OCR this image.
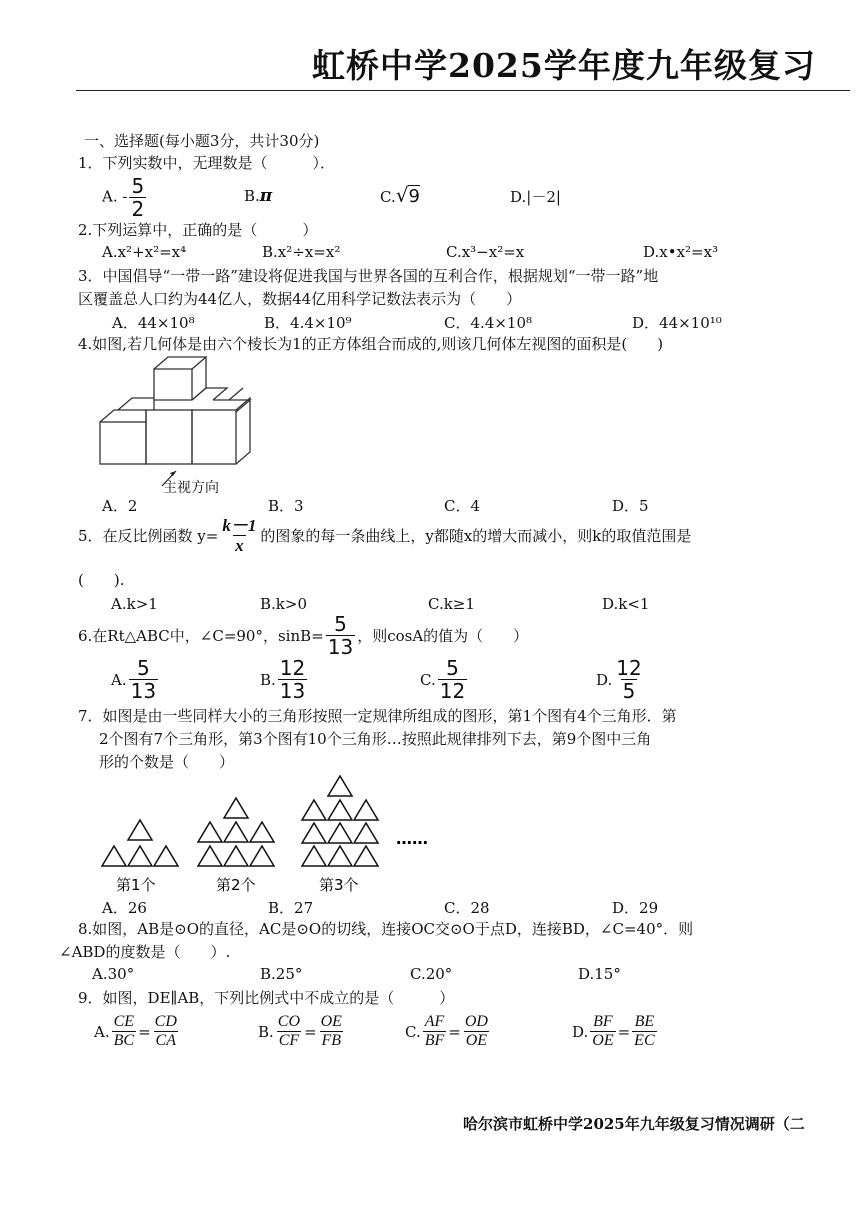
虹桥中学2025学年度九年级复习
一、选择题(每小题3分，共计30分)
1．下列实数中，无理数是（　　　）．
A. - $\frac{5}{2}$	B.π	C.√9	D.|－2|
2.下列运算中，正确的是（　　　）
A.x²+x²=x⁴	B.x²÷x=x²	C.x³−x²=x	D.x•x²=x³
3．中国倡导“一带一路”建设将促进我国与世界各国的互利合作，根据规划“一带一路”地
区覆盖总人口约为44亿人，数据44亿用科学记数法表示为（　　）
A．44×10⁸	B．4.4×10⁹	C．4.4×10⁸	D．44×10¹⁰
4.如图,若几何体是由六个棱长为1的正方体组合而成的,则该几何体左视图的面积是(　　)
主视方向
A．2	B．3	C．4	D．5
5．在反比例函数 $y= \frac{k-1}{x}$ 的图象的每一条曲线上，y都随x的增大而减小，则k的取值范围是
(　　).
A.k>1	B.k>0	C.k≥1	D.k<1
6.在Rt△ABC中，∠C=90°，$\sin B= \frac{5}{13}$ ，则cosA的值为（　　）
A. $\frac{5}{13}$	B. $\frac{12}{13}$	C. $\frac{5}{12}$	D. $\frac{12}{5}$
7．如图是由一些同样大小的三角形按照一定规律所组成的图形，第1个图有4个三角形．第
2个图有7个三角形，第3个图有10个三角形…按照此规律排列下去，第9个图中三角
形的个数是（　　）
第1个	第2个	第3个
……
A．26	B．27	C．28	D．29
8.如图，AB是⊙O的直径，AC是⊙O的切线，连接OC交⊙O于点D，连接BD，∠C=40°．则
∠ABD的度数是（　　）.
A.30°	B.25°	C.20°	D.15°
9．如图，DE∥AB，下列比例式中不成立的是（　　　）
A. $\frac{CE}{BC} = \frac{CD}{CA}$	B. $\frac{CO}{CF} = \frac{OE}{FB}$	C. $\frac{AF}{BF} = \frac{OD}{OE}$	D. $\frac{BF}{OE} = \frac{BE}{EC}$
哈尔滨市虹桥中学2025年九年级复习情况调研（二
